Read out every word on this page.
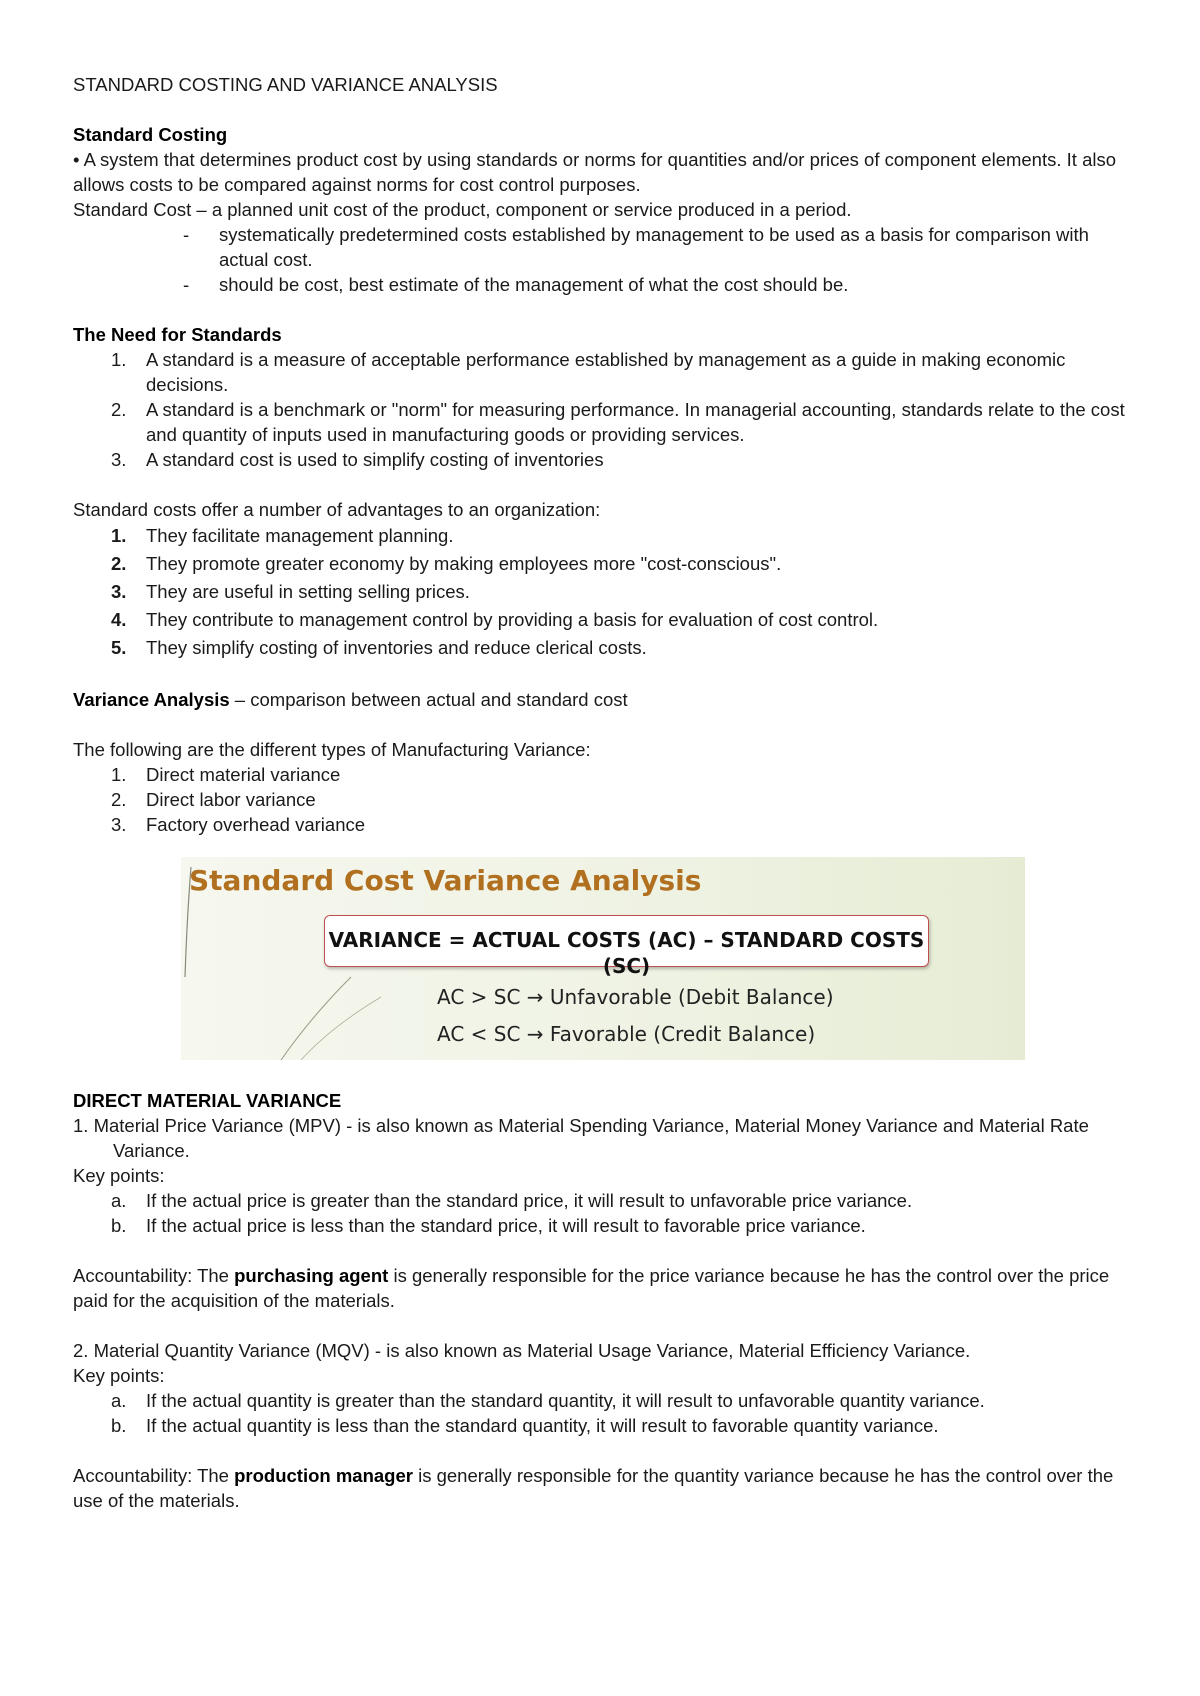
STANDARD COSTING AND VARIANCE ANALYSIS

Standard Costing

• A system that determines product cost by using standards or norms for quantities and/or prices of component elements. It also allows costs to be compared against norms for cost control purposes.

Standard Cost – a planned unit cost of the product, component or service produced in a period.

- systematically predetermined costs established by management to be used as a basis for comparison with actual cost.
- should be cost, best estimate of the management of what the cost should be.

The Need for Standards

1. A standard is a measure of acceptable performance established by management as a guide in making economic decisions.
2. A standard is a benchmark or "norm" for measuring performance. In managerial accounting, standards relate to the cost and quantity of inputs used in manufacturing goods or providing services.
3. A standard cost is used to simplify costing of inventories

Standard costs offer a number of advantages to an organization:

1. They facilitate management planning.
2. They promote greater economy by making employees more "cost-conscious".
3. They are useful in setting selling prices.
4. They contribute to management control by providing a basis for evaluation of cost control.
5. They simplify costing of inventories and reduce clerical costs.

Variance Analysis – comparison between actual and standard cost

The following are the different types of Manufacturing Variance:

1. Direct material variance
2. Direct labor variance
3. Factory overhead variance
Standard Cost Variance Analysis
VARIANCE = ACTUAL COSTS (AC) – STANDARD COSTS (SC)
AC > SC → Unfavorable (Debit Balance)
AC < SC → Favorable (Credit Balance)

DIRECT MATERIAL VARIANCE

1. Material Price Variance (MPV) - is also known as Material Spending Variance, Material Money Variance and Material Rate Variance.

Key points:

a. If the actual price is greater than the standard price, it will result to unfavorable price variance.
b. If the actual price is less than the standard price, it will result to favorable price variance.

Accountability: The purchasing agent is generally responsible for the price variance because he has the control over the price paid for the acquisition of the materials.

2. Material Quantity Variance (MQV) - is also known as Material Usage Variance, Material Efficiency Variance.

Key points:

a. If the actual quantity is greater than the standard quantity, it will result to unfavorable quantity variance.
b. If the actual quantity is less than the standard quantity, it will result to favorable quantity variance.

Accountability: The production manager is generally responsible for the quantity variance because he has the control over the use of the materials.
